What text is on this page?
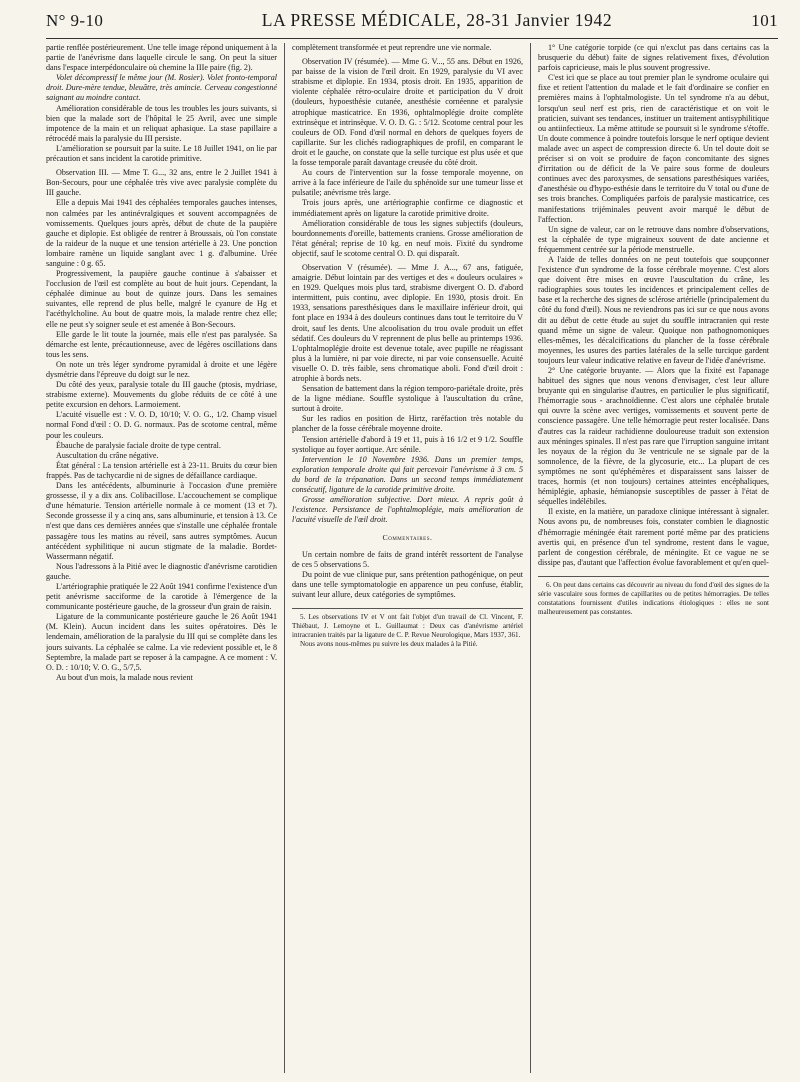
N° 9-10	LA PRESSE MÉDICALE, 28-31 Janvier 1942	101

partie renflée postérieurement. Une telle image répond uniquement à la partie de l'anévrisme dans laquelle circule le sang. On peut la situer dans l'espace interpédonculaire où chemine la IIIe paire (fig. 2).

Volet décompressif le même jour (M. Rosier). Volet fronto-temporal droit. Dure-mère tendue, bleuâtre, très amincie. Cerveau congestionné saignant au moindre contact.

Amélioration considérable de tous les troubles les jours suivants, si bien que la malade sort de l'hôpital le 25 Avril, avec une simple impotence de la main et un reliquat aphasique. La stase papillaire a rétrocédé mais la paralysie du III persiste.

L'amélioration se poursuit par la suite. Le 18 Juillet 1941, on lie par précaution et sans incident la carotide primitive.

Observation III. — Mme T. G..., 32 ans, entre le 2 Juillet 1941 à Bon-Secours, pour une céphalée très vive avec paralysie complète du III gauche.

Elle a depuis Mai 1941 des céphalées temporales gauches intenses, non calmées par les antinévralgiques et souvent accompagnées de vomissements. Quelques jours après, début de chute de la paupière gauche et diplopie. Est obligée de rentrer à Broussais, où l'on constate de la raideur de la nuque et une tension artérielle à 23. Une ponction lombaire ramène un liquide sanglant avec 1 g. d'albumine. Urée sanguine : 0 g. 65.

Progressivement, la paupière gauche continue à s'abaisser et l'occlusion de l'œil est complète au bout de huit jours. Cependant, la céphalée diminue au bout de quinze jours. Dans les semaines suivantes, elle reprend de plus belle, malgré le cyanure de Hg et l'acéthylcholine. Au bout de quatre mois, la malade rentre chez elle; elle ne peut s'y soigner seule et est amenée à Bon-Secours.

Elle garde le lit toute la journée, mais elle n'est pas paralysée. Sa démarche est lente, précautionneuse, avec de légères oscillations dans tous les sens.

On note un très léger syndrome pyramidal à droite et une légère dysmétrie dans l'épreuve du doigt sur le nez.

Du côté des yeux, paralysie totale du III gauche (ptosis, mydriase, strabisme externe). Mouvements du globe réduits de ce côté à une petite excursion en dehors. Larmoiement.

L'acuité visuelle est : V. O. D, 10/10; V. O. G., 1/2. Champ visuel normal Fond d'œil : O. D. G. normaux. Pas de scotome central, même pour les couleurs.

Ébauche de paralysie faciale droite de type central.

Auscultation du crâne négative.

État général : La tension artérielle est à 23-11. Bruits du cœur bien frappés. Pas de tachycardie ni de signes de défaillance cardiaque.

Dans les antécédents, albuminurie à l'occasion d'une première grossesse, il y a dix ans. Colibacillose. L'accouchement se complique d'une hématurie. Tension artérielle normale à ce moment (13 et 7). Seconde grossesse il y a cinq ans, sans albuminurie, et tension à 13. Ce n'est que dans ces dernières années que s'installe une céphalée frontale passagère tous les matins au réveil, sans autres symptômes. Aucun antécédent syphilitique ni aucun stigmate de la maladie. Bordet-Wassermann négatif.

Nous l'adressons à la Pitié avec le diagnostic d'anévrisme carotidien gauche.

L'artériographie pratiquée le 22 Août 1941 confirme l'existence d'un petit anévrisme sacciforme de la carotide à l'émergence de la communicante postérieure gauche, de la grosseur d'un grain de raisin.

Ligature de la communicante postérieure gauche le 26 Août 1941 (M. Klein). Aucun incident dans les suites opératoires. Dès le lendemain, amélioration de la paralysie du III qui se complète dans les jours suivants. La céphalée se calme. La vie redevient possible et, le 8 Septembre, la malade part se reposer à la campagne. A ce moment : V. O. D. : 10/10; V. O. G., 5/7,5.

Au bout d'un mois, la malade nous revient

complètement transformée et peut reprendre une vie normale.

Observation IV (résumée). — Mme G. V..., 55 ans. Début en 1926, par baisse de la vision de l'œil droit. En 1929, paralysie du VI avec strabisme et diplopie. En 1934, ptosis droit. En 1935, apparition de violente céphalée rétro-oculaire droite et participation du V droit (douleurs, hypoesthésie cutanée, anesthésie cornéenne et paralysie atrophique masticatrice. En 1936, ophtalmoplégie droite complète extrinsèque et intrinsèque. V. O. D. G. : 5/12. Scotome central pour les couleurs de OD. Fond d'œil normal en dehors de quelques foyers de capillarite. Sur les clichés radiographiques de profil, en comparant le droit et le gauche, on constate que la selle turcique est plus usée et que la fosse temporale paraît davantage creusée du côté droit.

Au cours de l'intervention sur la fosse temporale moyenne, on arrive à la face inférieure de l'aile du sphénoïde sur une tumeur lisse et pulsatile; anévrisme très large.

Trois jours après, une artériographie confirme ce diagnostic et immédiatement après on ligature la carotide primitive droite.

Amélioration considérable de tous les signes subjectifs (douleurs, bourdonnements d'oreille, battements craniens. Grosse amélioration de l'état général; reprise de 10 kg. en neuf mois. Fixité du syndrome objectif, sauf le scotome central O. D. qui disparaît.

Observation V (résumée). — Mme J. A..., 67 ans, fatiguée, amaigrie. Début lointain par des vertiges et des « douleurs oculaires » en 1929. Quelques mois plus tard, strabisme divergent O. D. d'abord intermittent, puis continu, avec diplopie. En 1930, ptosis droit. En 1933, sensations paresthésiques dans le maxillaire inférieur droit, qui font place en 1934 à des douleurs continues dans tout le territoire du V droit, sauf les dents. Une alcoolisation du trou ovale produit un effet sédatif. Ces douleurs du V reprennent de plus belle au printemps 1936. L'ophtalmoplégie droite est devenue totale, avec pupille ne réagissant plus à la lumière, ni par voie directe, ni par voie consensuelle. Acuité visuelle O. D. très faible, sens chromatique aboli. Fond d'œil droit : atrophie à bords nets.

Sensation de battement dans la région temporo-pariétale droite, près de la ligne médiane. Souffle systolique à l'auscultation du crâne, surtout à droite.

Sur les radios en position de Hirtz, raréfaction très notable du plancher de la fosse cérébrale moyenne droite.

Tension artérielle d'abord à 19 et 11, puis à 16 1/2 et 9 1/2. Souffle systolique au foyer aortique. Arc sénile.

Intervention le 10 Novembre 1936. Dans un premier temps, exploration temporale droite qui fait percevoir l'anévrisme à 3 cm. 5 du bord de la trépanation. Dans un second temps immédiatement consécutif, ligature de la carotide primitive droite.

Grosse amélioration subjective. Dort mieux. A repris goût à l'existence. Persistance de l'ophtalmoplégie, mais amélioration de l'acuité visuelle de l'œil droit.

Commentaires.

Un certain nombre de faits de grand intérêt ressortent de l'analyse de ces 5 observations 5.

Du point de vue clinique pur, sans prétention pathogénique, on peut dans une telle symptomatologie en apparence un peu confuse, établir, suivant leur allure, deux catégories de symptômes.

5. Les observations IV et V ont fait l'objet d'un travail de Cl. Vincent, F. Thiébaut, J. Lemoyne et L. Guillaumat : Deux cas d'anévrisme artériel intracranien traités par la ligature de C. P. Revue Neurologique, Mars 1937, 361.

Nous avons nous-mêmes pu suivre les deux malades à la Pitié.

1° Une catégorie torpide (ce qui n'exclut pas dans certains cas la brusquerie du début) faite de signes relativement fixes, d'évolution parfois capricieuse, mais le plus souvent progressive.

C'est ici que se place au tout premier plan le syndrome oculaire qui fixe et retient l'attention du malade et le fait d'ordinaire se confier en premières mains à l'ophtalmologiste. Un tel syndrome n'a au début, lorsqu'un seul nerf est pris, rien de caractéristique et on voit le praticien, suivant ses tendances, instituer un traitement antisyphilitique ou antiinfectieux. La même attitude se poursuit si le syndrome s'étoffe. Un doute commence à poindre toutefois lorsque le nerf optique devient malade avec un aspect de compression directe 6. Un tel doute doit se préciser si on voit se produire de façon concomitante des signes d'irritation ou de déficit de la Ve paire sous forme de douleurs continues avec des paroxysmes, de sensations paresthésiques variées, d'anesthésie ou d'hypo-esthésie dans le territoire du V total ou d'une de ses trois branches. Compliquées parfois de paralysie masticatrice, ces manifestations trijéminales peuvent avoir marqué le début de l'affection.

Un signe de valeur, car on le retrouve dans nombre d'observations, est la céphalée de type migraineux souvent de date ancienne et fréquemment centrée sur la période menstruelle.

A l'aide de telles données on ne peut toutefois que soupçonner l'existence d'un syndrome de la fosse cérébrale moyenne. C'est alors que doivent être mises en œuvre l'auscultation du crâne, les radiographies sous toutes les incidences et principalement celles de base et la recherche des signes de sclérose artérielle (principalement du côté du fond d'œil). Nous ne reviendrons pas ici sur ce que nous avons dit au début de cette étude au sujet du souffle intracranien qui reste quand même un signe de valeur. Quoique non pathognomoniques elles-mêmes, les décalcifications du plancher de la fosse cérébrale moyennes, les usures des parties latérales de la selle turcique gardent toujours leur valeur indicative relative en faveur de l'idée d'anévrisme.

2° Une catégorie bruyante. — Alors que la fixité est l'apanage habituel des signes que nous venons d'envisager, c'est leur allure bruyante qui en singularise d'autres, en particulier le plus significatif, l'hémorragie sous - arachnoïdienne. C'est alors une céphalée brutale qui ouvre la scène avec vertiges, vomissements et souvent perte de conscience passagère. Une telle hémorragie peut rester localisée. Dans d'autres cas la raideur rachidienne douloureuse traduit son extension aux méninges spinales. Il n'est pas rare que l'irruption sanguine irritant les noyaux de la région du 3e ventricule ne se signale par de la somnolence, de la fièvre, de la glycosurie, etc... La plupart de ces symptômes ne sont qu'éphémères et disparaissent sans laisser de traces, hormis (et non toujours) certaines atteintes encéphaliques, hémiplégie, aphasie, hémianopsie susceptibles de passer à l'état de séquelles indélébiles.

Il existe, en la matière, un paradoxe clinique intéressant à signaler. Nous avons pu, de nombreuses fois, constater combien le diagnostic d'hémorragie méningée était rarement porté même par des praticiens avertis qui, en présence d'un tel syndrome, restent dans le vague, parlent de congestion cérébrale, de méningite. Et ce vague ne se dissipe pas, d'autant que l'affection évolue favorablement et qu'en quel-

6. On peut dans certains cas découvrir au niveau du fond d'œil des signes de la série vasculaire sous formes de capillarites ou de petites hémorragies. De telles constatations fournissent d'utiles indications étiologiques : elles ne sont malheureusement pas constantes.
